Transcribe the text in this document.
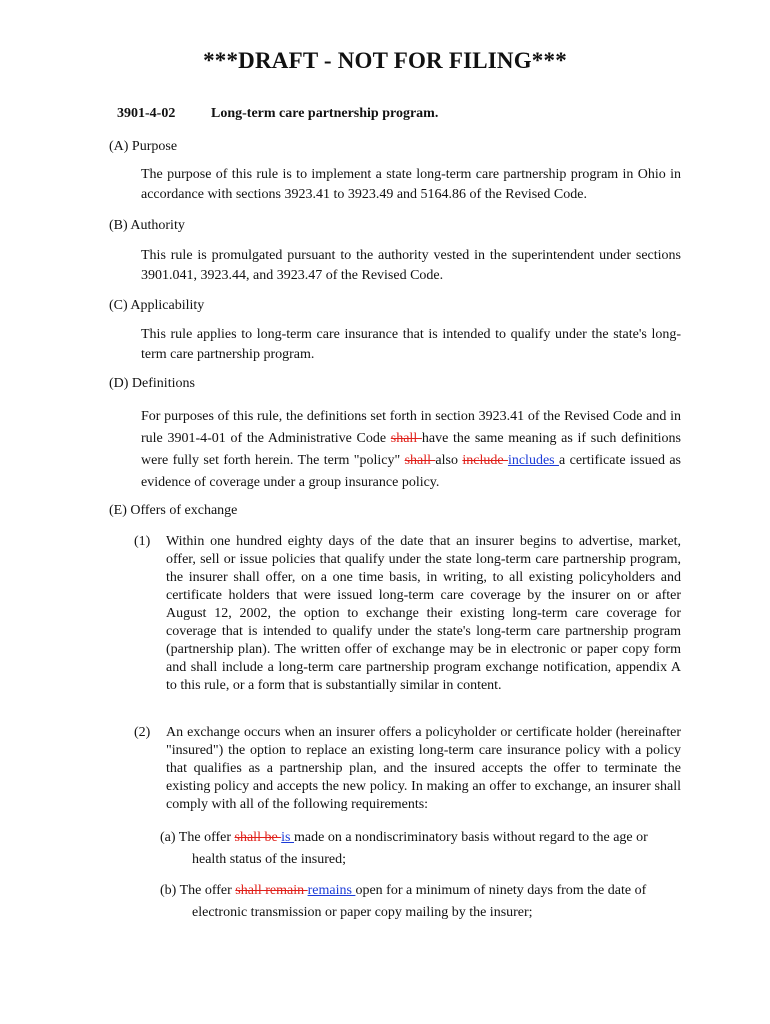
***DRAFT - NOT FOR FILING***
3901-4-02	Long-term care partnership program.
(A) Purpose
The purpose of this rule is to implement a state long-term care partnership program in Ohio in accordance with sections 3923.41 to 3923.49 and 5164.86 of the Revised Code.
(B) Authority
This rule is promulgated pursuant to the authority vested in the superintendent under sections 3901.041, 3923.44, and 3923.47 of the Revised Code.
(C) Applicability
This rule applies to long-term care insurance that is intended to qualify under the state's long-term care partnership program.
(D) Definitions
For purposes of this rule, the definitions set forth in section 3923.41 of the Revised Code and in rule 3901-4-01 of the Administrative Code shall have the same meaning as if such definitions were fully set forth herein. The term "policy" shall also include includes a certificate issued as evidence of coverage under a group insurance policy.
(E) Offers of exchange
(1)	Within one hundred eighty days of the date that an insurer begins to advertise, market, offer, sell or issue policies that qualify under the state long-term care partnership program, the insurer shall offer, on a one time basis, in writing, to all existing policyholders and certificate holders that were issued long-term care coverage by the insurer on or after August 12, 2002, the option to exchange their existing long-term care coverage for coverage that is intended to qualify under the state's long-term care partnership program (partnership plan). The written offer of exchange may be in electronic or paper copy form and shall include a long-term care partnership program exchange notification, appendix A to this rule, or a form that is substantially similar in content.
(2)	An exchange occurs when an insurer offers a policyholder or certificate holder (hereinafter "insured") the option to replace an existing long-term care insurance policy with a policy that qualifies as a partnership plan, and the insured accepts the offer to terminate the existing policy and accepts the new policy. In making an offer to exchange, an insurer shall comply with all of the following requirements:
(a) The offer shall be is made on a nondiscriminatory basis without regard to the age or health status of the insured;
(b) The offer shall remain remains open for a minimum of ninety days from the date of electronic transmission or paper copy mailing by the insurer;
